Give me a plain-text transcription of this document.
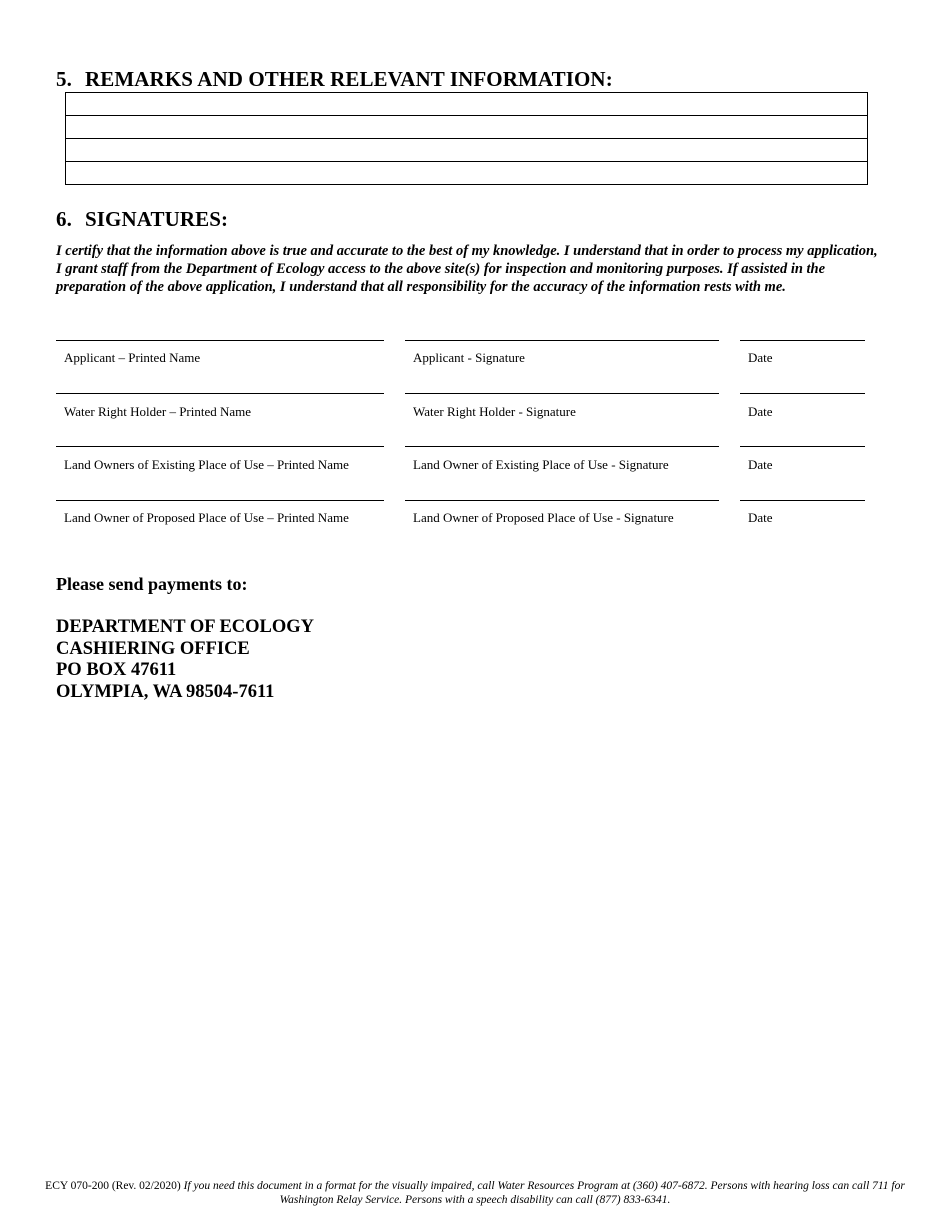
5. REMARKS AND OTHER RELEVANT INFORMATION:
6. SIGNATURES:

I certify that the information above is true and accurate to the best of my knowledge. I understand that in order to process my application, I grant staff from the Department of Ecology access to the above site(s) for inspection and monitoring purposes. If assisted in the preparation of the above application, I understand that all responsibility for the accuracy of the information rests with me.

Applicant – Printed Name	Applicant - Signature	Date
Water Right Holder – Printed Name	Water Right Holder - Signature	Date
Land Owners of Existing Place of Use – Printed Name	Land Owner of Existing Place of Use - Signature	Date
Land Owner of Proposed Place of Use – Printed Name	Land Owner of Proposed Place of Use - Signature	Date
Please send payments to:
DEPARTMENT OF ECOLOGY
CASHIERING OFFICE
PO BOX 47611
OLYMPIA, WA 98504-7611
ECY 070-200 (Rev. 02/2020) If you need this document in a format for the visually impaired, call Water Resources Program at (360) 407-6872. Persons with hearing loss can call 711 for Washington Relay Service. Persons with a speech disability can call (877) 833-6341.
